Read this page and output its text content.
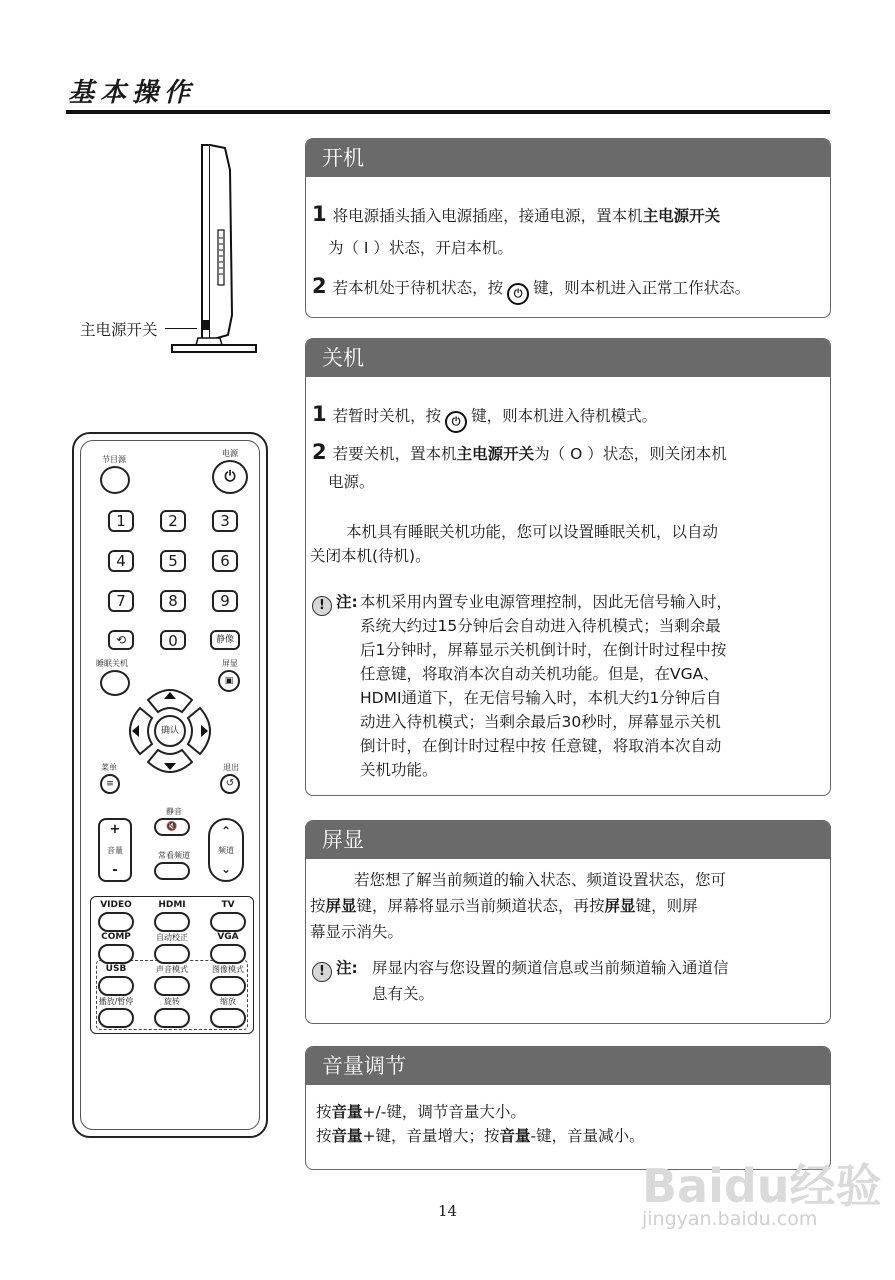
基本操作
主电源开关
节目源
电源
⏻
1	2	3
4	5	6
7	8	9
⟲	0	静像
睡眠关机	屏显
▣
确认
菜单
≡
退出
↺
静音
🔇
常看频道
+
音量
-
⌃
频道
⌄
VIDEO	HDMI	TV
COMP	自动校正	VGA
USB	声音模式	图像模式
播放/暂停	旋转	缩放
开机
1 将电源插头插入电源插座，接通电源，置本机主电源开关
为（ I ）状态，开启本机。
2 若本机处于待机状态，按 ⏻ 键，则本机进入正常工作状态。
关机
1 若暂时关机，按 ⏻ 键，则本机进入待机模式。
2 若要关机，置本机主电源开关为（ O ）状态，则关闭本机
电源。
本机具有睡眠关机功能，您可以设置睡眠关机，以自动
关闭本机(待机)。
! 注: 本机采用内置专业电源管理控制，因此无信号输入时，
系统大约过15分钟后会自动进入待机模式；当剩余最
后1分钟时，屏幕显示关机倒计时，在倒计时过程中按
任意键，将取消本次自动关机功能。但是，在VGA、
HDMI通道下，在无信号输入时，本机大约1分钟后自
动进入待机模式；当剩余最后30秒时，屏幕显示关机
倒计时，在倒计时过程中按 任意键，将取消本次自动
关机功能。
屏显
若您想了解当前频道的输入状态、频道设置状态，您可
按屏显键，屏幕将显示当前频道状态，再按屏显键，则屏
幕显示消失。
! 注: 屏显内容与您设置的频道信息或当前频道输入通道信
息有关。
音量调节
按音量+/-键，调节音量大小。
按音量+键，音量增大；按音量-键，音量减小。
14	Baidu经验
jingyan.baidu.com
